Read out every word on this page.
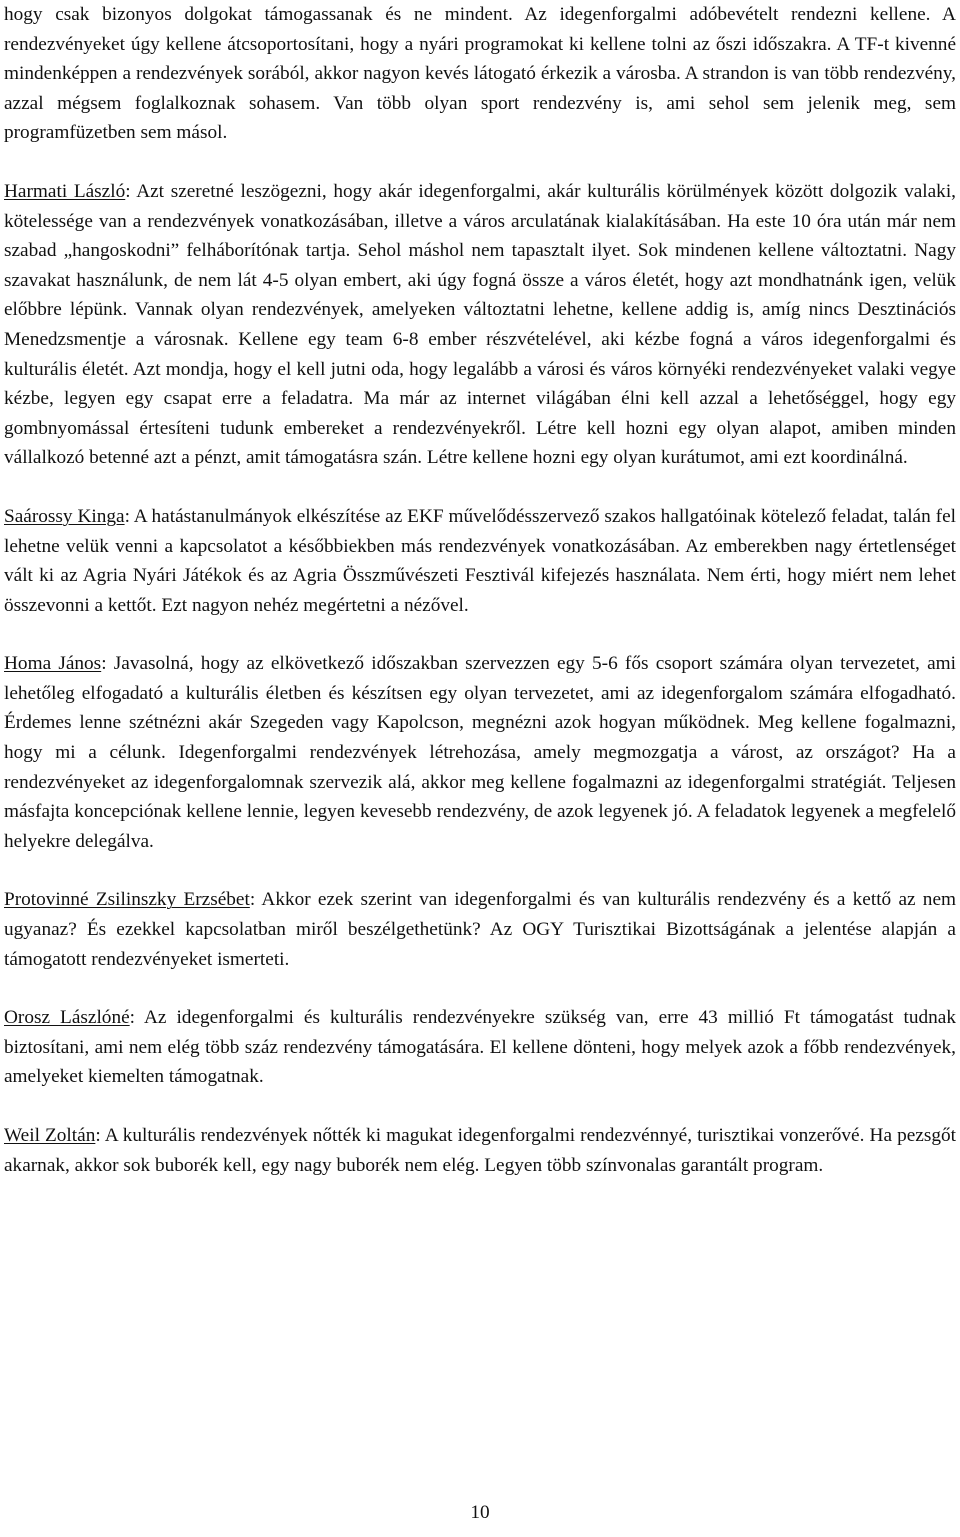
hogy csak bizonyos dolgokat támogassanak és ne mindent. Az idegenforgalmi adóbevételt rendezni kellene. A rendezvényeket úgy kellene átcsoportosítani, hogy a nyári programokat ki kellene tolni az őszi időszakra. A TF-t kivenné mindenképpen a rendezvények sorából, akkor nagyon kevés látogató érkezik a városba. A strandon is van több rendezvény, azzal mégsem foglalkoznak sohasem. Van több olyan sport rendezvény is, ami sehol sem jelenik meg, sem programfüzetben sem másol.

Harmati László: Azt szeretné leszögezni, hogy akár idegenforgalmi, akár kulturális körülmények között dolgozik valaki, kötelessége van a rendezvények vonatkozásában, illetve a város arculatának kialakításában. Ha este 10 óra után már nem szabad „hangoskodni” felháborítónak tartja. Sehol máshol nem tapasztalt ilyet. Sok mindenen kellene változtatni. Nagy szavakat használunk, de nem lát 4-5 olyan embert, aki úgy fogná össze a város életét, hogy azt mondhatnánk igen, velük előbbre lépünk. Vannak olyan rendezvények, amelyeken változtatni lehetne, kellene addig is, amíg nincs Desztinációs Menedzsmentje a városnak. Kellene egy team 6-8 ember részvételével, aki kézbe fogná a város idegenforgalmi és kulturális életét. Azt mondja, hogy el kell jutni oda, hogy legalább a városi és város környéki rendezvényeket valaki vegye kézbe, legyen egy csapat erre a feladatra. Ma már az internet világában élni kell azzal a lehetőséggel, hogy egy gombnyomással értesíteni tudunk embereket a rendezvényekről. Létre kell hozni egy olyan alapot, amiben minden vállalkozó betenné azt a pénzt, amit támogatásra szán. Létre kellene hozni egy olyan kurátumot, ami ezt koordinálná.

Saárossy Kinga: A hatástanulmányok elkészítése az EKF művelődésszervező szakos hallgatóinak kötelező feladat, talán fel lehetne velük venni a kapcsolatot a későbbiekben más rendezvények vonatkozásában. Az emberekben nagy értetlenséget vált ki az Agria Nyári Játékok és az Agria Összművészeti Fesztivál kifejezés használata. Nem érti, hogy miért nem lehet összevonni a kettőt. Ezt nagyon nehéz megértetni a nézővel.

Homa János: Javasolná, hogy az elkövetkező időszakban szervezzen egy 5-6 fős csoport számára olyan tervezetet, ami lehetőleg elfogadató a kulturális életben és készítsen egy olyan tervezetet, ami az idegenforgalom számára elfogadható. Érdemes lenne szétnézni akár Szegeden vagy Kapolcson, megnézni azok hogyan működnek. Meg kellene fogalmazni, hogy mi a célunk. Idegenforgalmi rendezvények létrehozása, amely megmozgatja a várost, az országot? Ha a rendezvényeket az idegenforgalomnak szervezik alá, akkor meg kellene fogalmazni az idegenforgalmi stratégiát. Teljesen másfajta koncepciónak kellene lennie, legyen kevesebb rendezvény, de azok legyenek jó. A feladatok legyenek a megfelelő helyekre delegálva.

Protovinné Zsilinszky Erzsébet: Akkor ezek szerint van idegenforgalmi és van kulturális rendezvény és a kettő az nem ugyanaz? És ezekkel kapcsolatban miről beszélgethetünk? Az OGY Turisztikai Bizottságának a jelentése alapján a támogatott rendezvényeket ismerteti.

Orosz Lászlóné: Az idegenforgalmi és kulturális rendezvényekre szükség van, erre 43 millió Ft támogatást tudnak biztosítani, ami nem elég több száz rendezvény támogatására. El kellene dönteni, hogy melyek azok a főbb rendezvények, amelyeket kiemelten támogatnak.

Weil Zoltán: A kulturális rendezvények nőtték ki magukat idegenforgalmi rendezvénnyé, turisztikai vonzerővé. Ha pezsgőt akarnak, akkor sok buborék kell, egy nagy buborék nem elég. Legyen több színvonalas garantált program.

10
